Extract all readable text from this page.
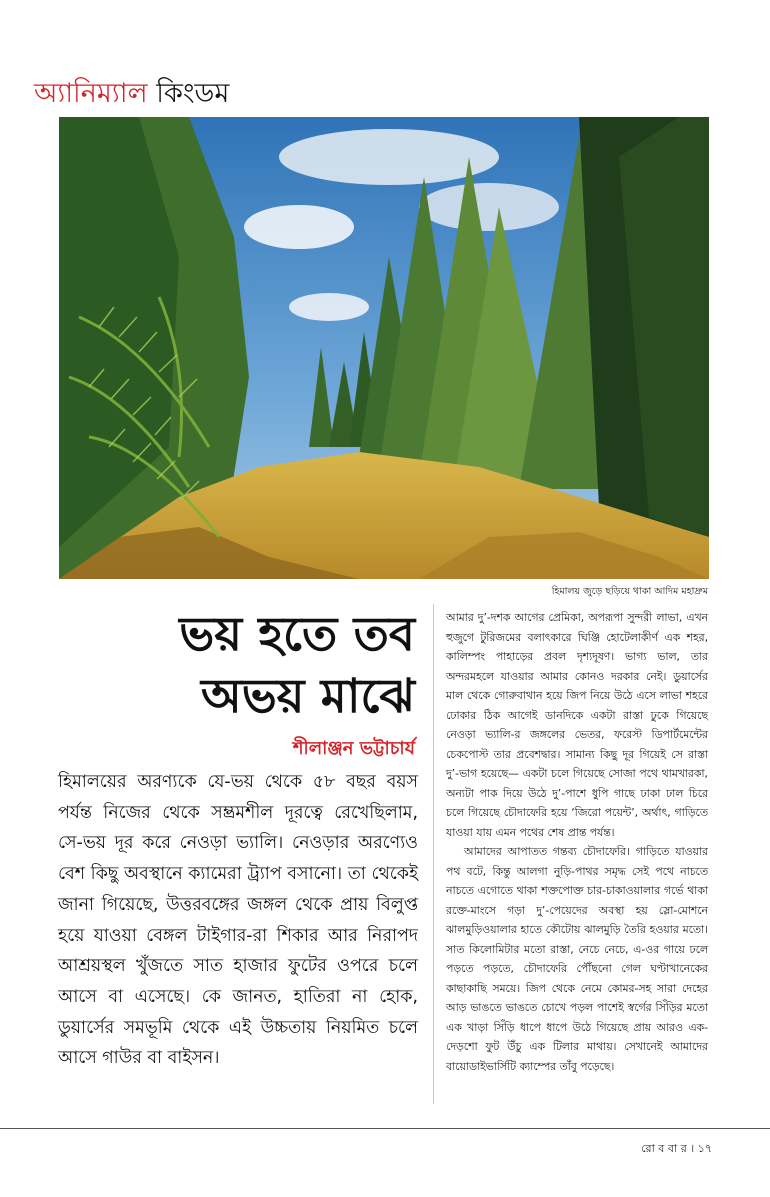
অ্যানিম্যাল কিংডম
হিমালয় জুড়ে ছড়িয়ে থাকা আদিম মহাদ্রুম
ভয় হতে তব
অভয় মাঝে
শীলাঞ্জন ভট্টাচার্য

হিমালয়ের অরণ্যকে যে-ভয় থেকে ৫৮ বছর বয়স পর্যন্ত নিজের থেকে সম্ভ্রমশীল দূরত্বে রেখেছিলাম, সে-ভয় দূর করে নেওড়া ভ্যালি। নেওড়ার অরণ্যেও বেশ কিছু অবস্থানে ক্যামেরা ট্র্যাপ বসানো। তা থেকেই জানা গিয়েছে, উত্তরবঙ্গের জঙ্গল থেকে প্রায় বিলুপ্ত হয়ে যাওয়া বেঙ্গল টাইগার-রা শিকার আর নিরাপদ আশ্রয়স্থল খুঁজতে সাত হাজার ফুটের ওপরে চলে আসে বা এসেছে। কে জানত, হাতিরা না হোক, ডুয়ার্সের সমভূমি থেকে এই উচ্চতায় নিয়মিত চলে আসে গাউর বা বাইসন।

আমার দু’-দশক আগের প্রেমিকা, অপরূপা সুন্দরী লাভা, এখন হুজুগে টুরিজমের বলাৎকারে ঘিঞ্জি হোটেলাকীর্ণ এক শহর, কালিম্পং পাহাড়ের প্রবল দৃশ্যদূষণ। ভাগ্য ভাল, তার অন্দরমহলে যাওয়ার আমার কোনও দরকার নেই। ডুয়ার্সের মাল থেকে গোরুবাথান হয়ে জিপ নিয়ে উঠে এসে লাভা শহরে ঢোকার ঠিক আগেই ডানদিকে একটা রাস্তা ঢুকে গিয়েছে নেওড়া ভ্যালি-র জঙ্গলের ভেতর, ফরেস্ট ডিপার্টমেন্টের চেকপোস্ট তার প্রবেশদ্বার। সামান্য কিছু দূর গিয়েই সে রাস্তা দু’-ভাগ হয়েছে— একটা চলে গিয়েছে সোজা পথে থামখারকা, অন্যটা পাক দিয়ে উঠে দু’-পাশে ধুপি গাছে ঢাকা ঢাল চিরে চলে গিয়েছে চৌদাফেরি হয়ে ‘জিরো পয়েন্ট’, অর্থাৎ, গাড়িতে যাওয়া যায় এমন পথের শেষ প্রান্ত পর্যন্ত।

আমাদের আপাতত গন্তব্য চৌদাফেরি। গাড়িতে যাওয়ার পথ বটে, কিন্তু আলগা নুড়ি-পাথর সমৃদ্ধ সেই পথে নাচতে নাচতে এগোতে থাকা শক্তপোক্ত চার-চাকাওয়ালার গর্ভে থাকা রক্তে-মাংসে গড়া দু’-পেয়েদের অবস্থা হয় স্লো-মোশনে ঝালমুড়িওয়ালার হাতে কৌটোয় ঝালমুড়ি তৈরি হওয়ার মতো। সাত কিলোমিটার মতো রাস্তা, নেচে নেচে, এ-ওর গায়ে ঢলে পড়তে পড়তে, চৌদাফেরি পৌঁছনো গেল ঘণ্টাখানেকের কাছাকাছি সময়ে। জিপ থেকে নেমে কোমর-সহ সারা দেহের আড় ভাঙতে ভাঙতে চোখে পড়ল পাশেই স্বর্গের সিঁড়ির মতো এক খাড়া সিঁড়ি ধাপে ধাপে উঠে গিয়েছে প্রায় আরও এক-দেড়শো ফুট উঁচু এক টিলার মাথায়। সেখানেই আমাদের বায়োডাইভার্সিটি ক্যাম্পের তাঁবু পড়েছে।

রো ব বা র । ১৭
